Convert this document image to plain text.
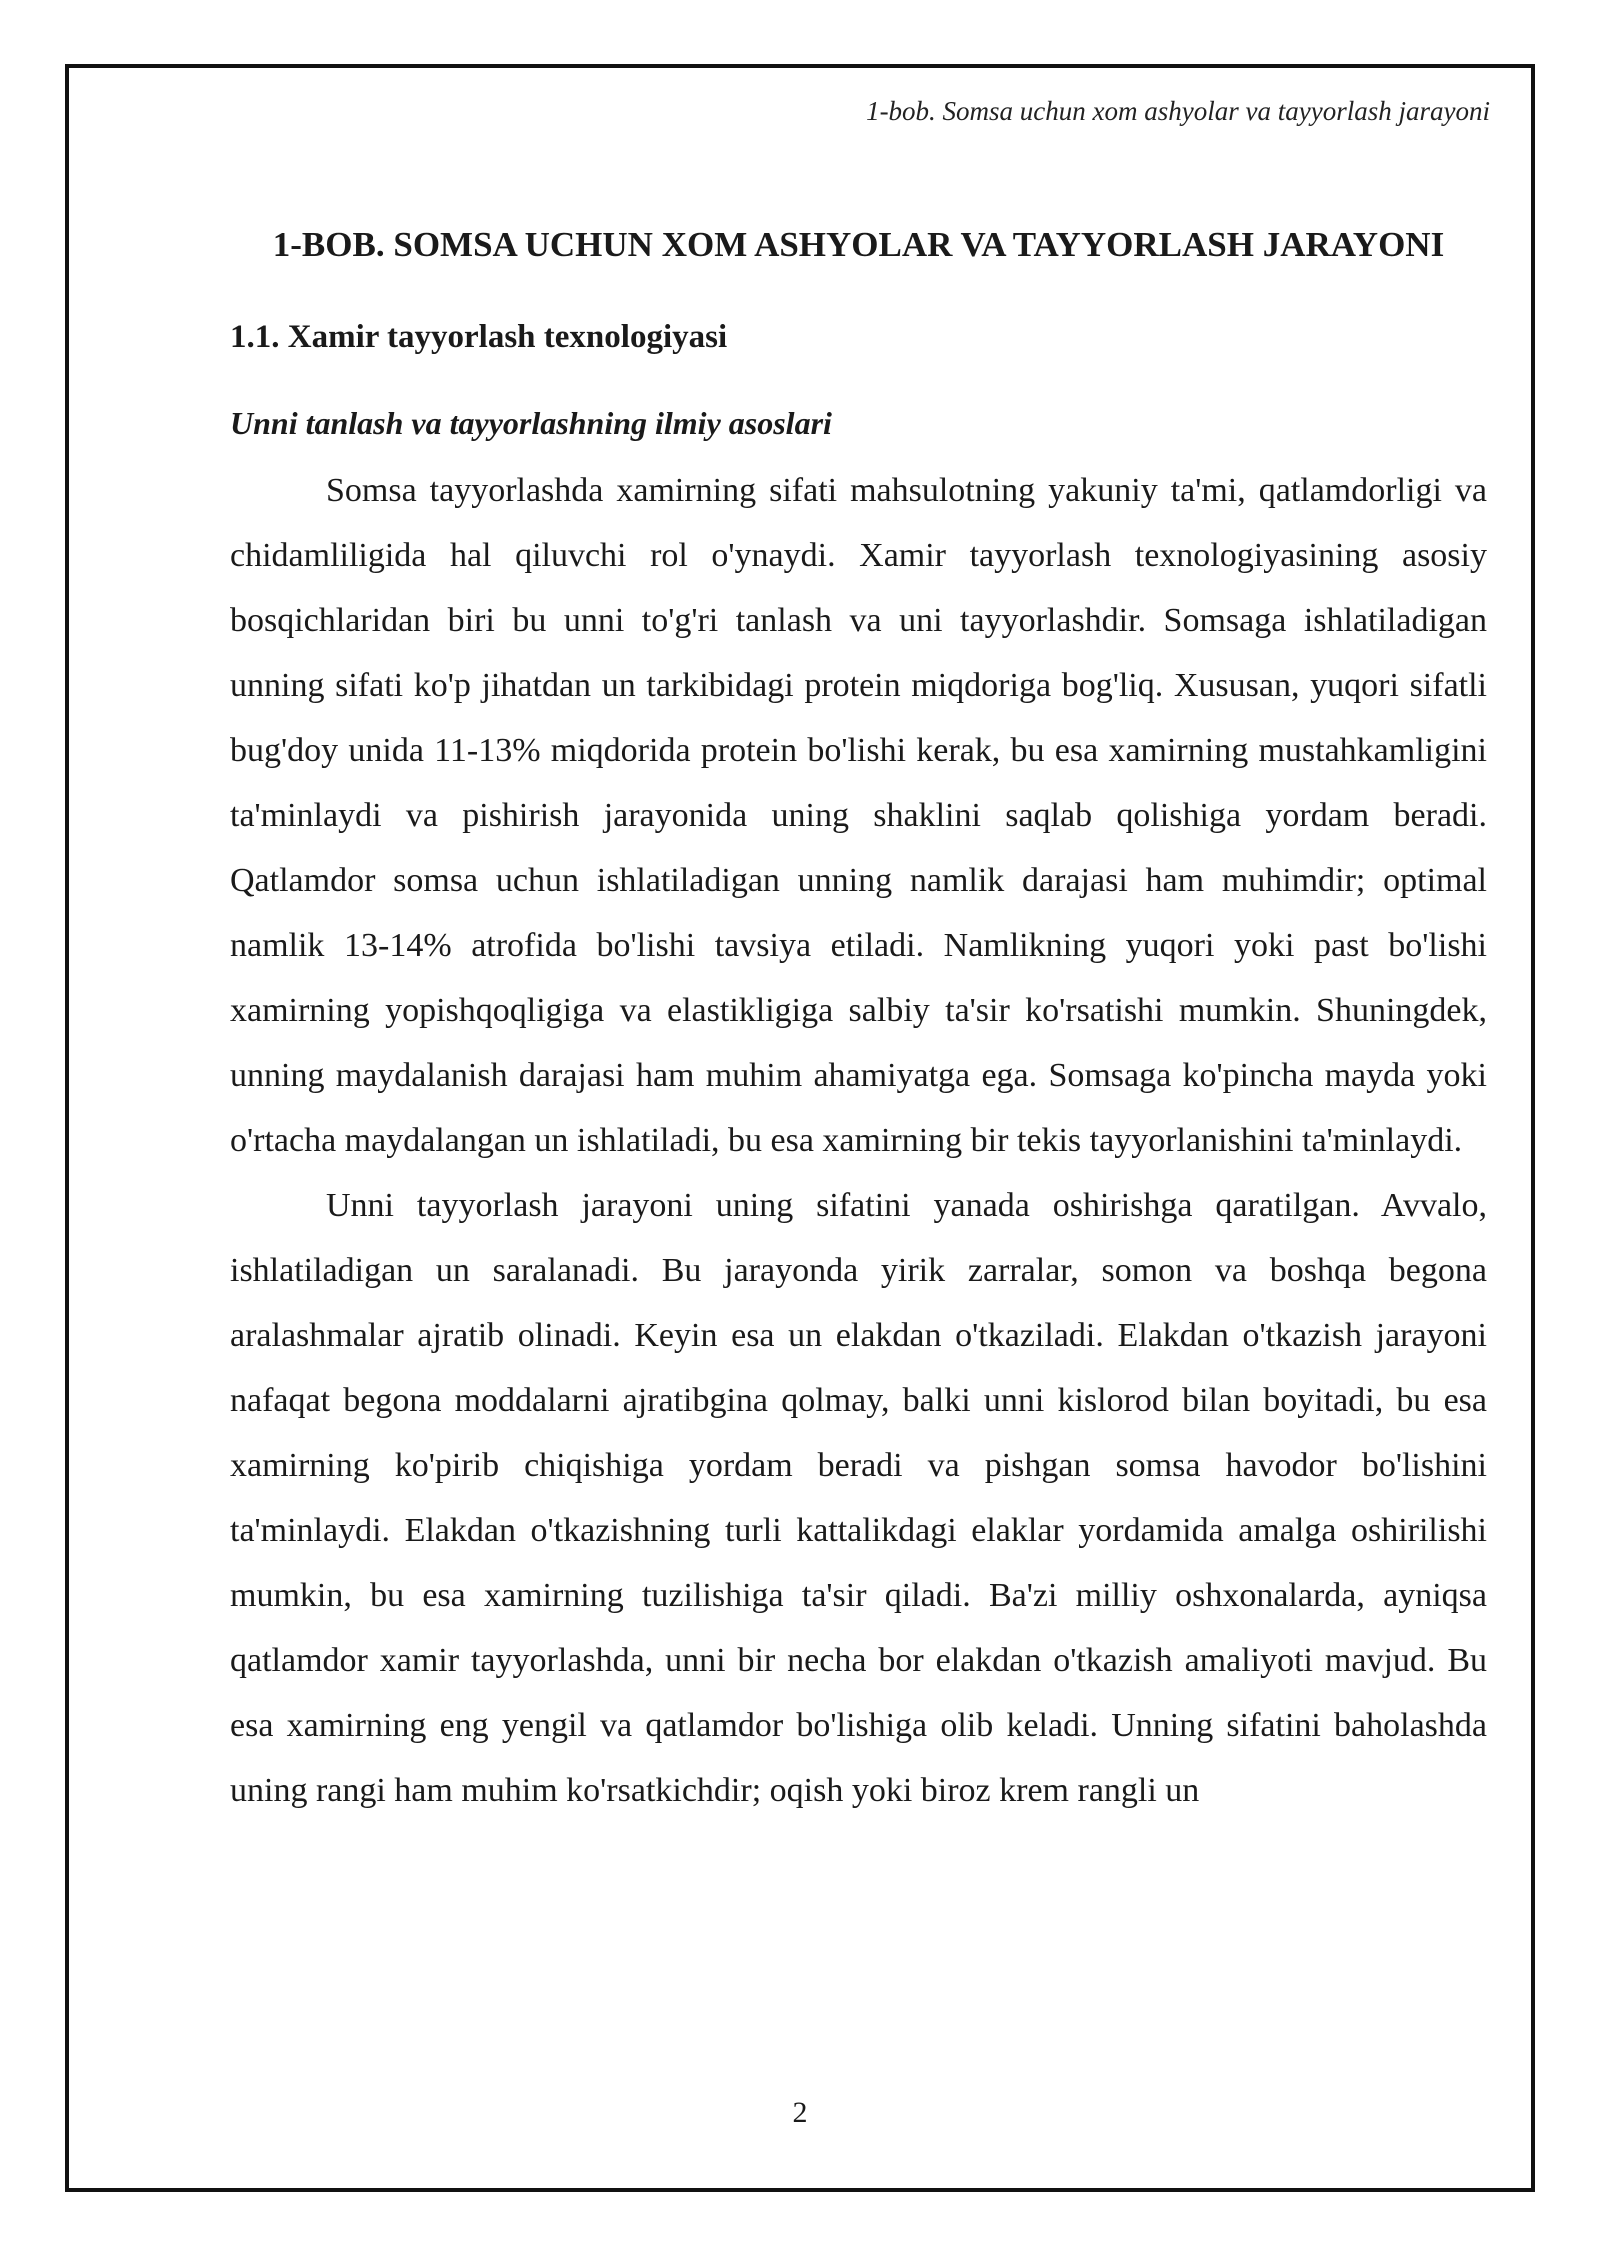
1-bob. Somsa uchun xom ashyolar va tayyorlash jarayoni
1-BOB. SOMSA UCHUN XOM ASHYOLAR VA TAYYORLASH JARAYONI
1.1. Xamir tayyorlash texnologiyasi
Unni tanlash va tayyorlashning ilmiy asoslari

Somsa tayyorlashda xamirning sifati mahsulotning yakuniy ta'mi, qatlamdorligi va chidamliligida hal qiluvchi rol o'ynaydi. Xamir tayyorlash texnologiyasining asosiy bosqichlaridan biri bu unni to'g'ri tanlash va uni tayyorlashdir. Somsaga ishlatiladigan unning sifati ko'p jihatdan un tarkibidagi protein miqdoriga bog'liq. Xususan, yuqori sifatli bug'doy unida 11-13% miqdorida protein bo'lishi kerak, bu esa xamirning mustahkamligini ta'minlaydi va pishirish jarayonida uning shaklini saqlab qolishiga yordam beradi. Qatlamdor somsa uchun ishlatiladigan unning namlik darajasi ham muhimdir; optimal namlik 13-14% atrofida bo'lishi tavsiya etiladi. Namlikning yuqori yoki past bo'lishi xamirning yopishqoqligiga va elastikligiga salbiy ta'sir ko'rsatishi mumkin. Shuningdek, unning maydalanish darajasi ham muhim ahamiyatga ega. Somsaga ko'pincha mayda yoki o'rtacha maydalangan un ishlatiladi, bu esa xamirning bir tekis tayyorlanishini ta'minlaydi.

Unni tayyorlash jarayoni uning sifatini yanada oshirishga qaratilgan. Avvalo, ishlatiladigan un saralanadi. Bu jarayonda yirik zarralar, somon va boshqa begona aralashmalar ajratib olinadi. Keyin esa un elakdan o'tkaziladi. Elakdan o'tkazish jarayoni nafaqat begona moddalarni ajratibgina qolmay, balki unni kislorod bilan boyitadi, bu esa xamirning ko'pirib chiqishiga yordam beradi va pishgan somsa havodor bo'lishini ta'minlaydi. Elakdan o'tkazishning turli kattalikdagi elaklar yordamida amalga oshirilishi mumkin, bu esa xamirning tuzilishiga ta'sir qiladi. Ba'zi milliy oshxonalarda, ayniqsa qatlamdor xamir tayyorlashda, unni bir necha bor elakdan o'tkazish amaliyoti mavjud. Bu esa xamirning eng yengil va qatlamdor bo'lishiga olib keladi. Unning sifatini baholashda uning rangi ham muhim ko'rsatkichdir; oqish yoki biroz krem rangli un

2
